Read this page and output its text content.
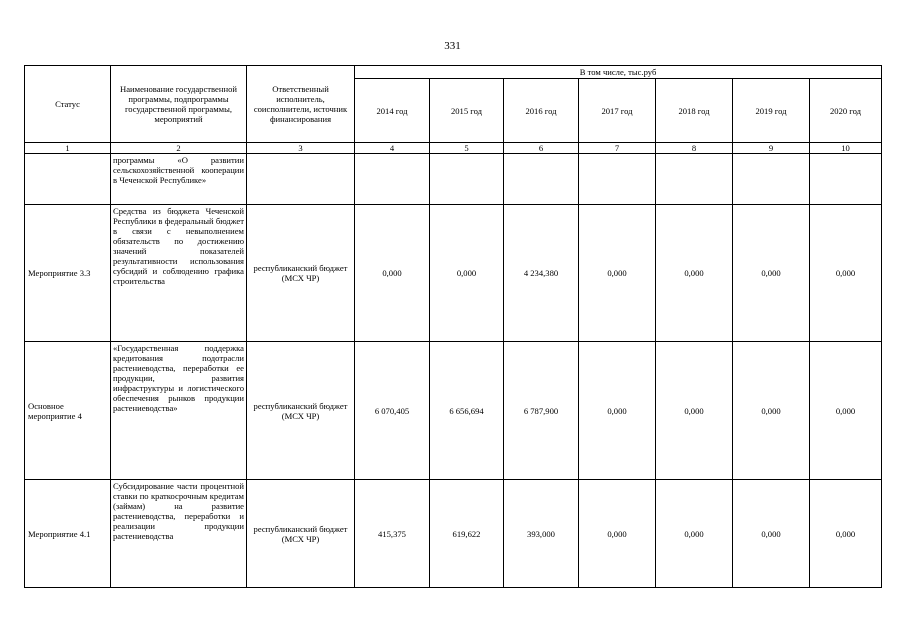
331
Статус	Наименование государственной программы, подпрограммы государственной программы, мероприятий	Ответственный исполнитель, соисполнители, источник финансирования	В том числе, тыс.руб						
			2014 год	2015 год	2016 год	2017 год	2018 год	2019 год	2020 год
1	2	3	4	5	6	7	8	9	10
	программы «О развитии сельскохозяйственной кооперации в Чеченской Республике»								
Мероприятие 3.3	Средства из бюджета Чеченской Республики в федеральный бюджет в связи с невыполнением обязательств по достижению значений показателей результативности использования субсидий и соблюдению графика строительства	республиканский бюджет (МСХ ЧР)	0,000	0,000	4 234,380	0,000	0,000	0,000	0,000
Основное мероприятие 4	«Государственная поддержка кредитования подотрасли растениеводства, переработки ее продукции, развития инфраструктуры и логистического обеспечения рынков продукции растениеводства»	республиканский бюджет (МСХ ЧР)	6 070,405	6 656,694	6 787,900	0,000	0,000	0,000	0,000
Мероприятие 4.1	Субсидирование части процентной ставки по краткосрочным кредитам (займам) на развитие растениеводства, переработки и реализации продукции растениеводства	республиканский бюджет (МСХ ЧР)	415,375	619,622	393,000	0,000	0,000	0,000	0,000
